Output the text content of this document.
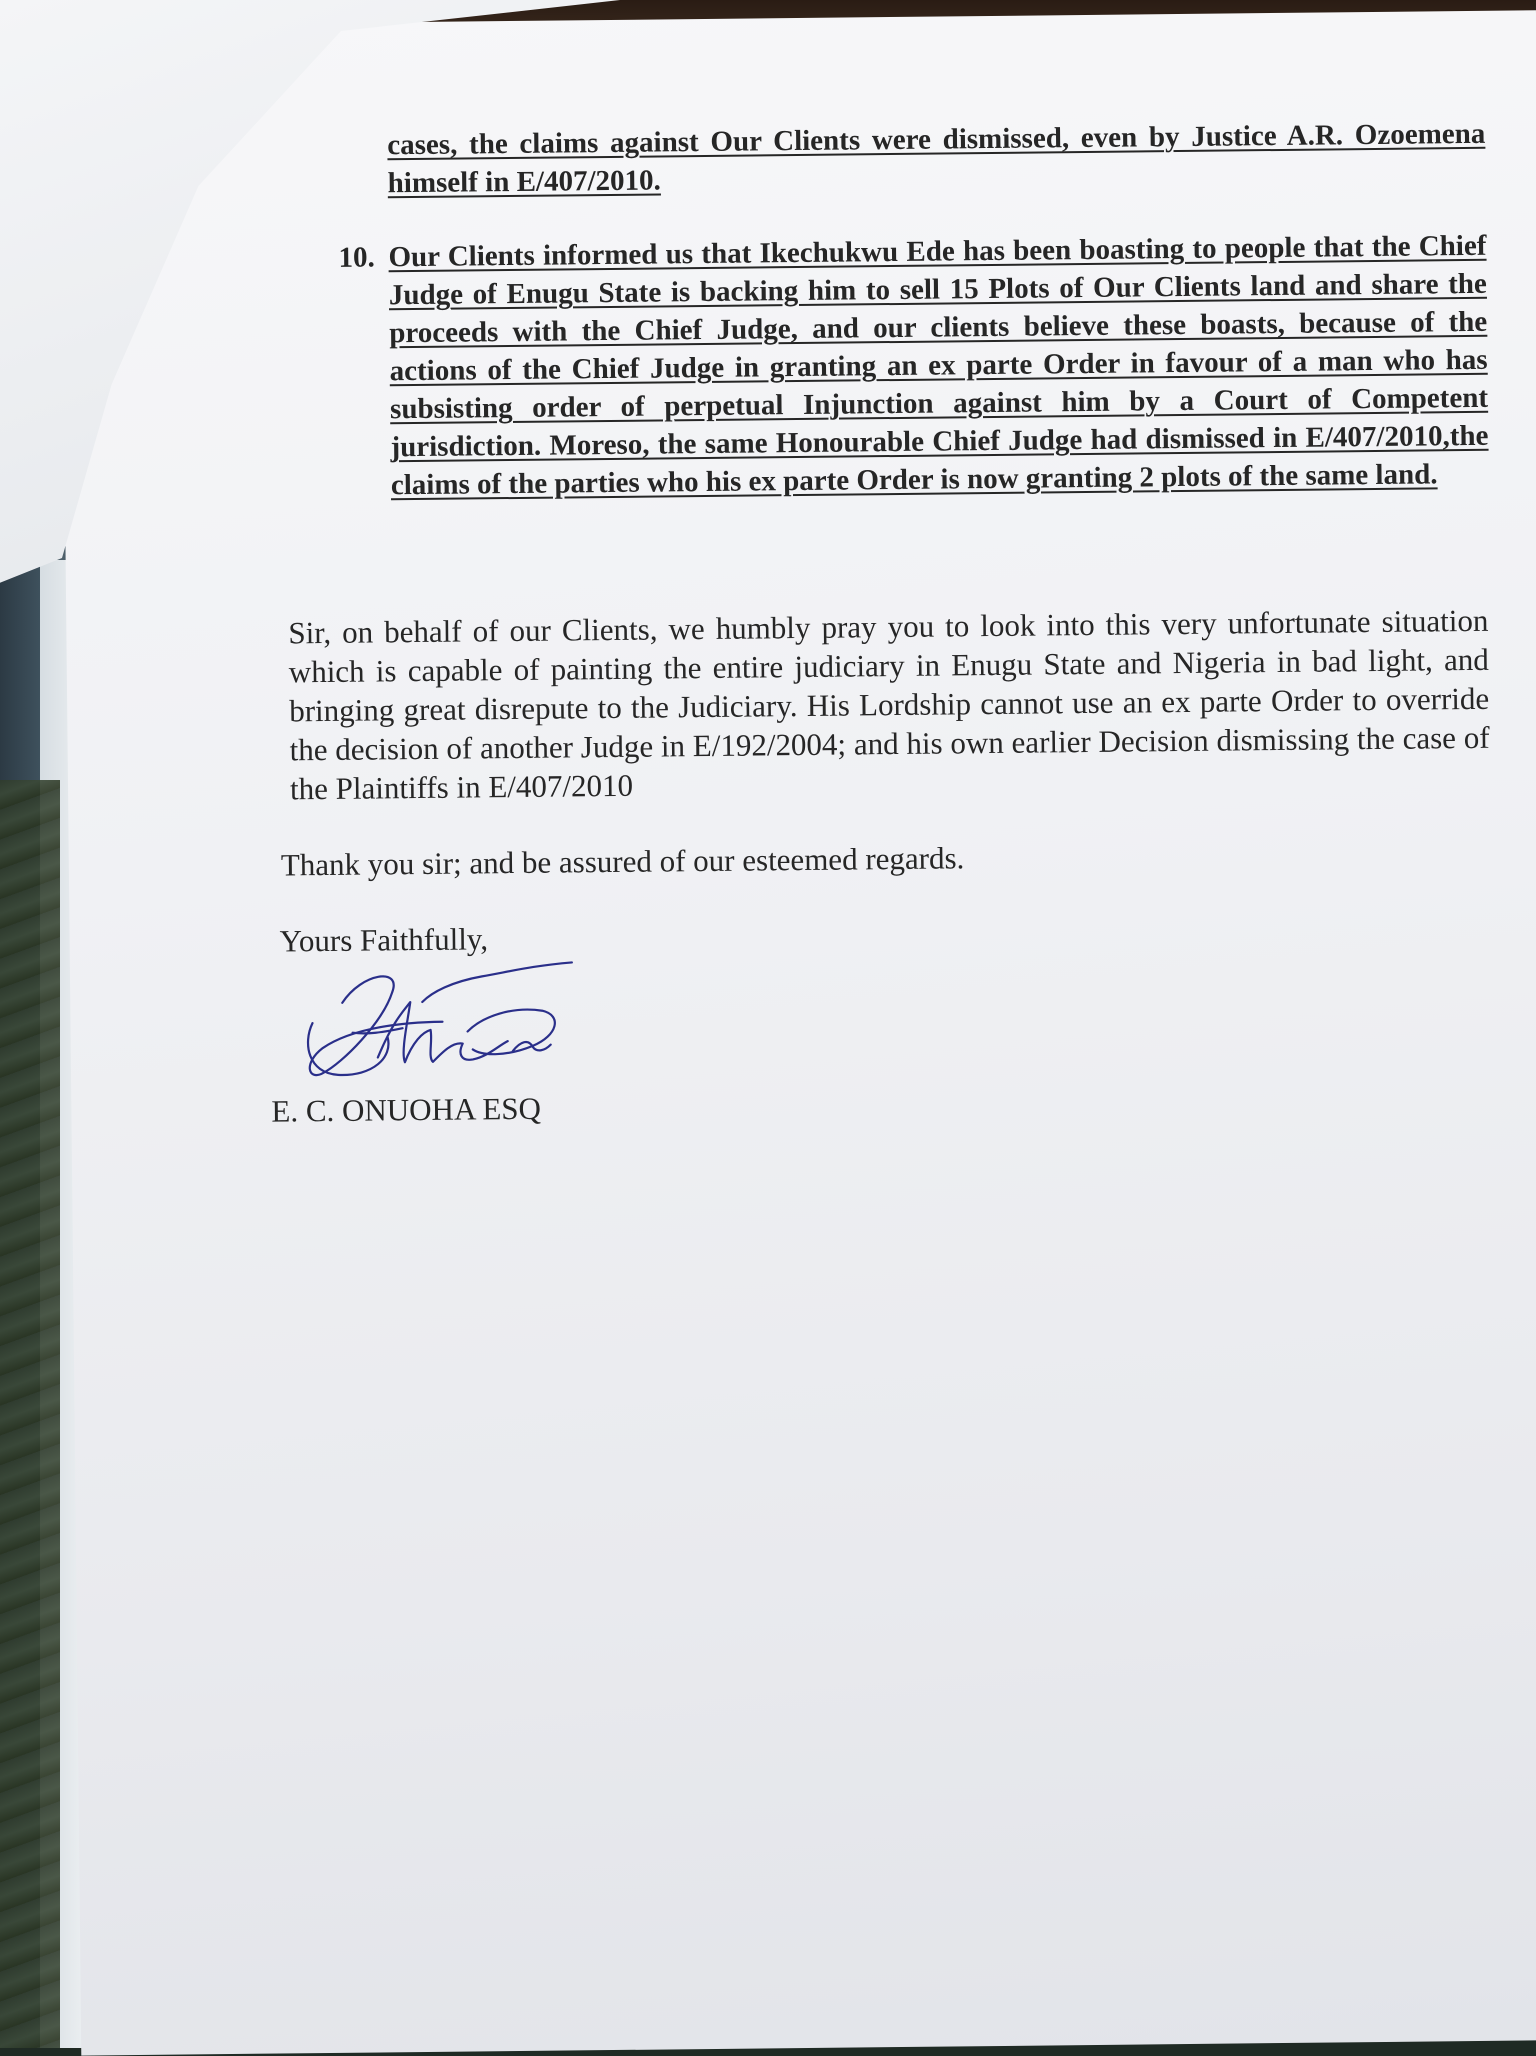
cases, the claims against Our Clients were dismissed, even by Justice A.R. Ozoemena himself in E/407/2010.

10. Our Clients informed us that Ikechukwu Ede has been boasting to people that the Chief Judge of Enugu State is backing him to sell 15 Plots of Our Clients land and share the proceeds with the Chief Judge, and our clients believe these boasts, because of the actions of the Chief Judge in granting an ex parte Order in favour of a man who has subsisting order of perpetual Injunction against him by a Court of Competent jurisdiction. Moreso, the same Honourable Chief Judge had dismissed in E/407/2010,the claims of the parties who his ex parte Order is now granting 2 plots of the same land.

Sir, on behalf of our Clients, we humbly pray you to look into this very unfortunate situation which is capable of painting the entire judiciary in Enugu State and Nigeria in bad light, and bringing great disrepute to the Judiciary. His Lordship cannot use an ex parte Order to override the decision of another Judge in E/192/2004; and his own earlier Decision dismissing the case of the Plaintiffs in E/407/2010

Thank you sir; and be assured of our esteemed regards.

Yours Faithfully,

E. C. ONUOHA ESQ
